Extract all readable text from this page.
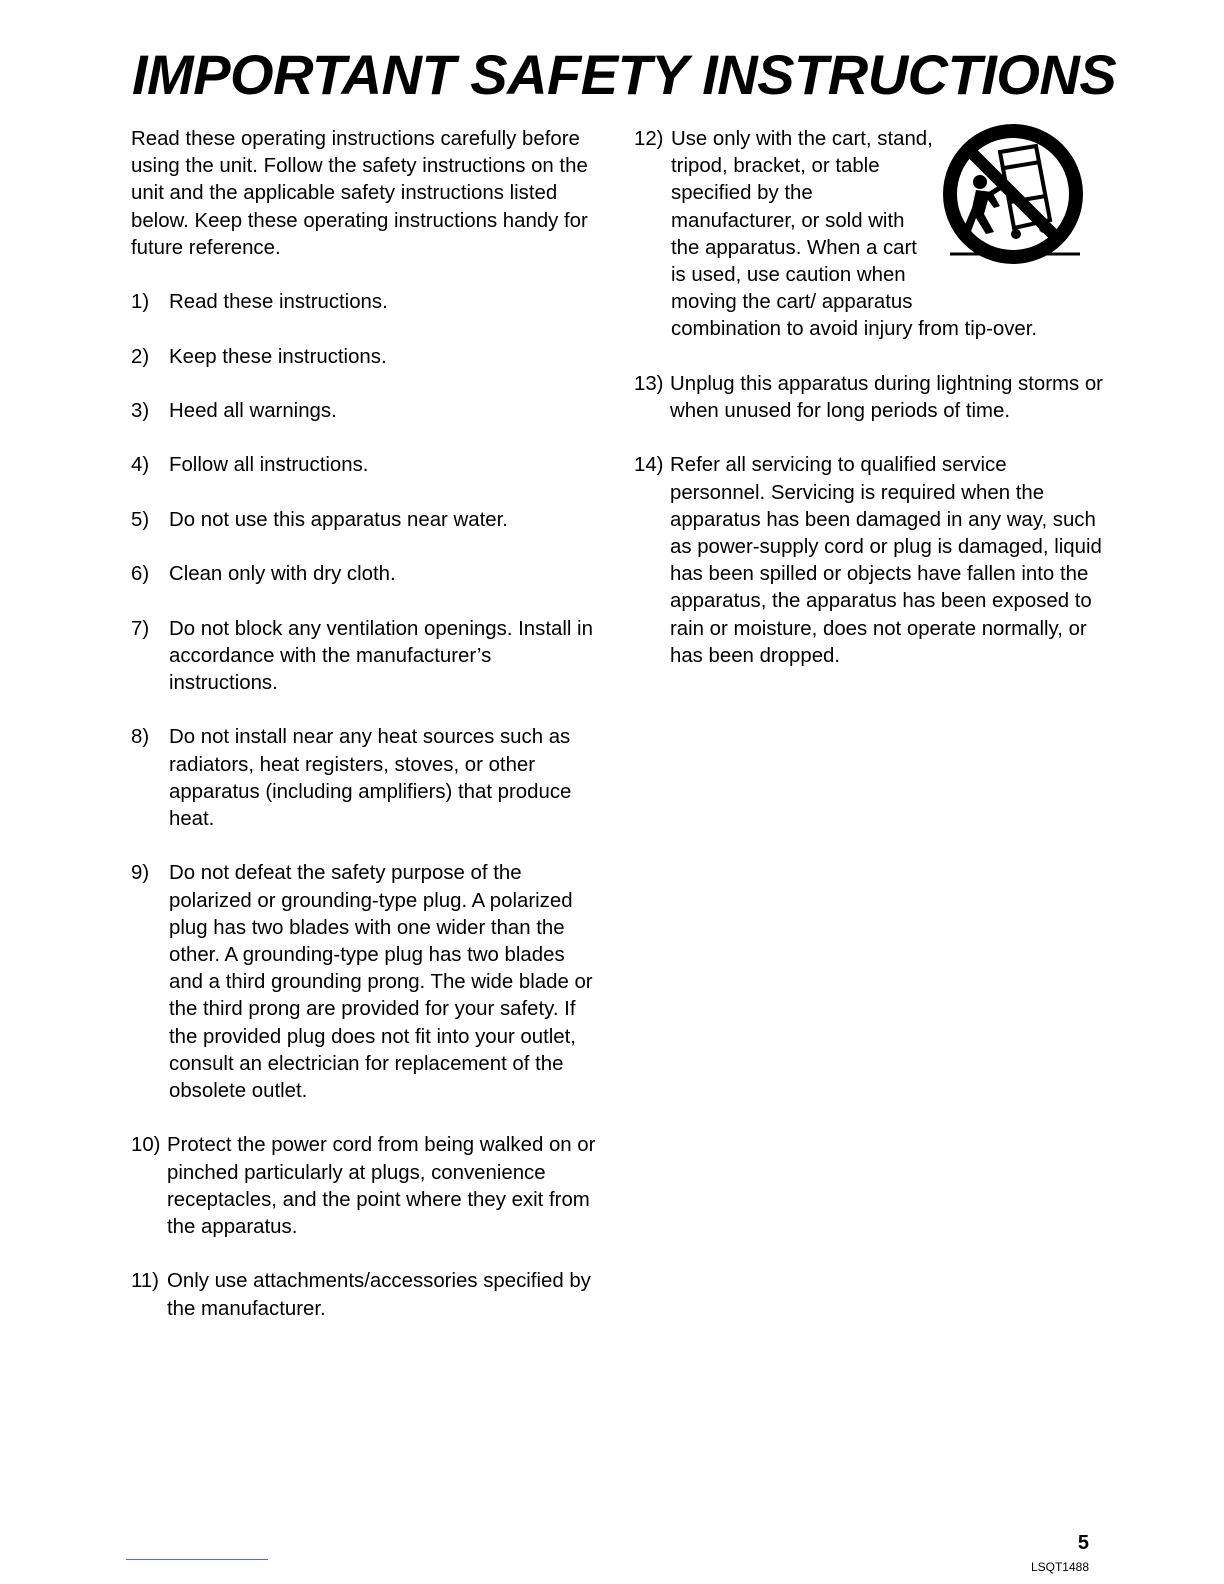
IMPORTANT SAFETY INSTRUCTIONS

Read these operating instructions carefully before using the unit. Follow the safety instructions on the unit and the applicable safety instructions listed below. Keep these operating instructions handy for future reference.

1) Read these instructions.
2) Keep these instructions.
3) Heed all warnings.
4) Follow all instructions.
5) Do not use this apparatus near water.
6) Clean only with dry cloth.
7) Do not block any ventilation openings. Install in accordance with the manufacturer’s instructions.
8) Do not install near any heat sources such as radiators, heat registers, stoves, or other apparatus (including amplifiers) that produce heat.
9) Do not defeat the safety purpose of the polarized or grounding-type plug. A polarized plug has two blades with one wider than the other. A grounding-type plug has two blades and a third grounding prong. The wide blade or the third prong are provided for your safety. If the provided plug does not fit into your outlet, consult an electrician for replacement of the obsolete outlet.
10) Protect the power cord from being walked on or pinched particularly at plugs, convenience receptacles, and the point where they exit from the apparatus.
11) Only use attachments/accessories specified by the manufacturer.
12) Use only with the cart, stand, tripod, bracket, or table specified by the manufacturer, or sold with the apparatus. When a cart is used, use caution when moving the cart/ apparatus combination to avoid injury from tip-over.
13) Unplug this apparatus during lightning storms or when unused for long periods of time.
14) Refer all servicing to qualified service personnel. Servicing is required when the apparatus has been damaged in any way, such as power-supply cord or plug is damaged, liquid has been spilled or objects have fallen into the apparatus, the apparatus has been exposed to rain or moisture, does not operate normally, or has been dropped.
5
LSQT1488
